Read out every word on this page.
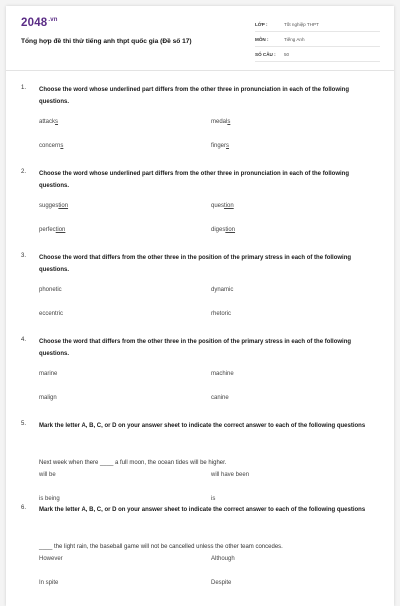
$2048^{.vn}$
Tổng hợp đề thi thử tiếng anh thpt quốc gia (Đề số 17)
LỚP :	Tốt nghiệp THPT
MÔN :	Tiếng Anh
SỐ CÂU : 50
1. Choose the word whose underlined part differs from the other three in pronunciation in each of the following questions.
attacks	medals
concerns	fingers
2. Choose the word whose underlined part differs from the other three in pronunciation in each of the following questions.
suggestion	question
perfection	digestion
3. Choose the word that differs from the other three in the position of the primary stress in each of the following questions.
phonetic	dynamic
eccentric	rhetoric
4. Choose the word that differs from the other three in the position of the primary stress in each of the following questions.
marine	machine
malign	canine
5. Mark the letter A, B, C, or D on your answer sheet to indicate the correct answer to each of the following questions
Next week when there ____ a full moon, the ocean tides will be higher.
will be	will have been
is being	is
6. Mark the letter A, B, C, or D on your answer sheet to indicate the correct answer to each of the following questions
____ the light rain, the baseball game will not be cancelled unless the other team concedes.
However	Although
In spite	Despite
